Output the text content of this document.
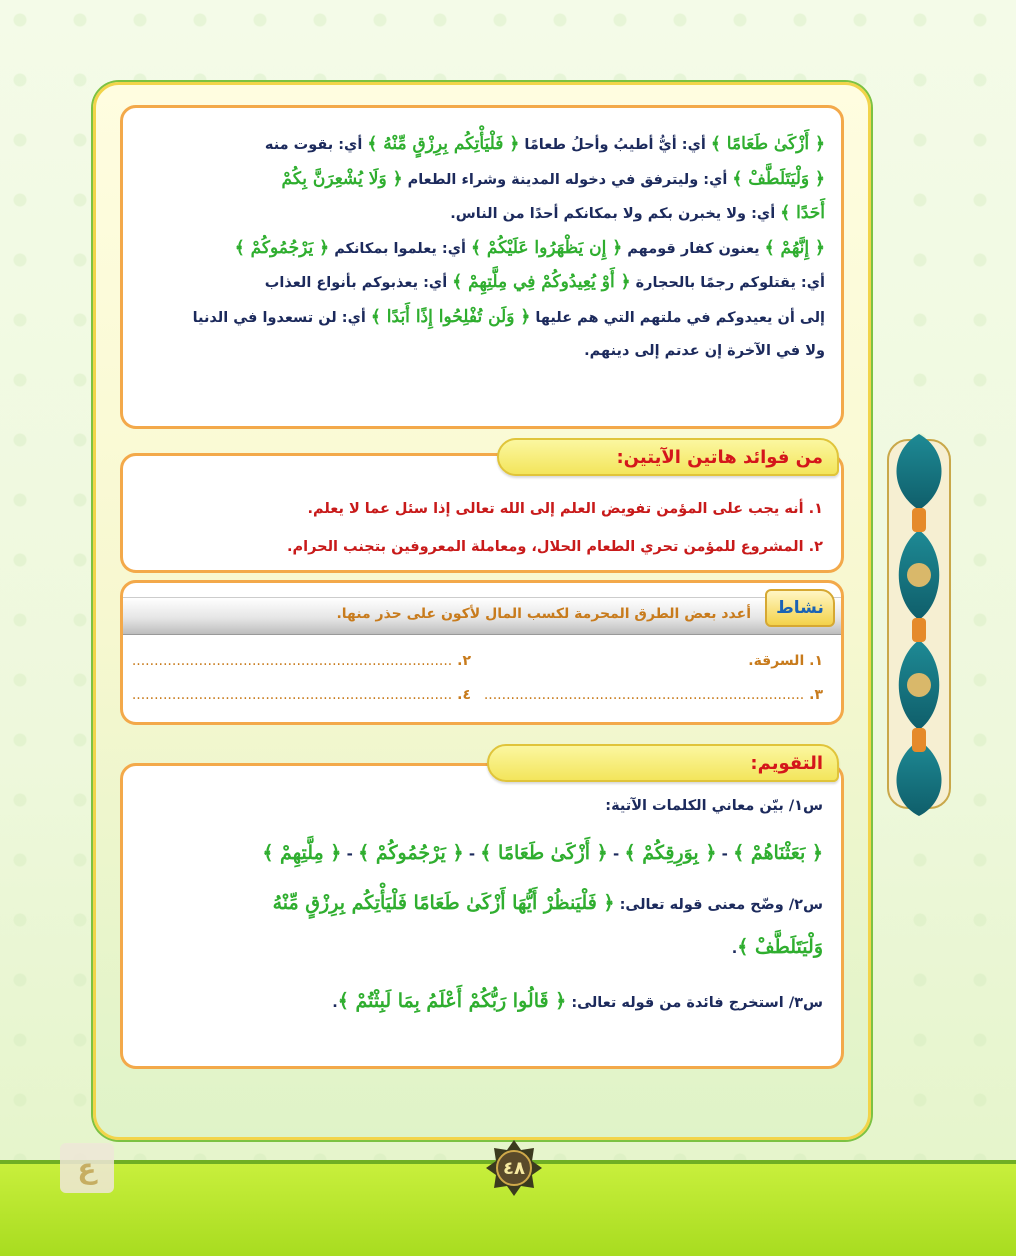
﴿ أَزْكَىٰ طَعَامًا ﴾ أي: أيُّ أطيبُ وأحلُ طعامًا ﴿ فَلْيَأْتِكُم بِرِزْقٍ مِّنْهُ ﴾ أي: بقوت منه
﴿ وَلْيَتَلَطَّفْ ﴾ أي: وليترفق في دخوله المدينة وشراء الطعام ﴿ وَلَا يُشْعِرَنَّ بِكُمْ
أَحَدًا ﴾ أي: ولا يخبرن بكم ولا بمكانكم أحدًا من الناس.
﴿ إِنَّهُمْ ﴾ يعنون كفار قومهم ﴿ إِن يَظْهَرُوا عَلَيْكُمْ ﴾ أي: يعلموا بمكانكم ﴿ يَرْجُمُوكُمْ ﴾
أي: يقتلوكم رجمًا بالحجارة ﴿ أَوْ يُعِيدُوكُمْ فِي مِلَّتِهِمْ ﴾ أي: يعذبوكم بأنواع العذاب
إلى أن يعيدوكم في ملتهم التي هم عليها ﴿ وَلَن تُفْلِحُوا إِذًا أَبَدًا ﴾ أي: لن تسعدوا في الدنيا
ولا في الآخرة إن عدتم إلى دينهم.
١. أنه يجب على المؤمن تفويض العلم إلى الله تعالى إذا سئل عما لا يعلم.
٢. المشروع للمؤمن تحري الطعام الحلال، ومعاملة المعروفين بتجنب الحرام.
من فوائد هاتين الآيتين:
أعدد بعض الطرق المحرمة لكسب المال لأكون على حذر منها.	نشاط
١. السرقة.
٢. ........................................................................
٣. ........................................................................
٤. ........................................................................
س١/ بيّن معاني الكلمات الآتية:
﴿ بَعَثْنَاهُمْ ﴾ - ﴿ بِوَرِقِكُمْ ﴾ - ﴿ أَزْكَىٰ طَعَامًا ﴾ - ﴿ يَرْجُمُوكُمْ ﴾ - ﴿ مِلَّتِهِمْ ﴾
س٢/ وضّح معنى قوله تعالى: ﴿ فَلْيَنظُرْ أَيُّهَا أَزْكَىٰ طَعَامًا فَلْيَأْتِكُم بِرِزْقٍ مِّنْهُ
وَلْيَتَلَطَّفْ ﴾.
س٣/ استخرج فائدة من قوله تعالى: ﴿ قَالُوا رَبُّكُمْ أَعْلَمُ بِمَا لَبِثْتُمْ ﴾.
التقويم:
ع	٤٨
